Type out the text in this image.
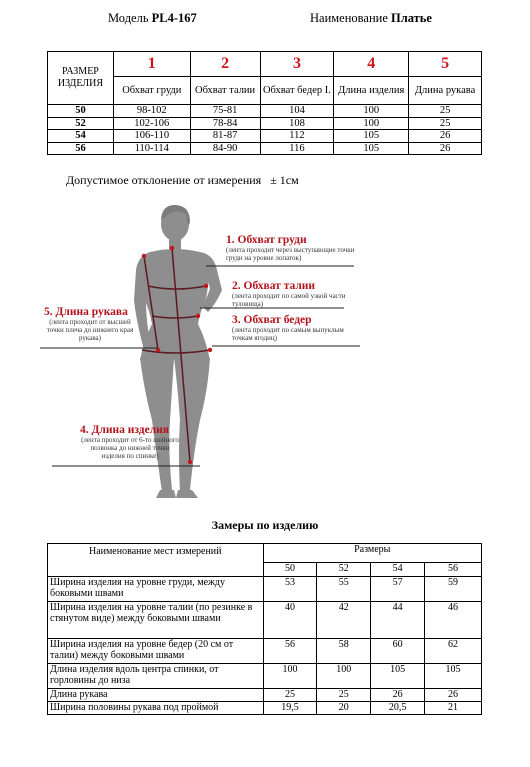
Модель PL4-167	Наименование Платье
РАЗМЕР ИЗДЕЛИЯ	1	2	3	4	5
	Обхват груди	Обхват талии	Обхват бедер I.	Длина изделия	Длина рукава
50	98-102	75-81	104	100	25
52	102-106	78-84	108	100	25
54	106-110	81-87	112	105	26
56	110-114	84-90	116	105	26
Допустимое отклонение от измерения ± 1см
1. Обхват груди
(лента проходит через выступающие точки груди на уровне лопаток)
2. Обхват талии
(лента проходит по самой узкой части туловища)
3. Обхват бедер
(лента проходит по самым выпуклым точкам ягодиц)
5. Длина рукава
(лента проходит от высшей точки плеча до нижнего края рукава)
4. Длина изделия
(лента проходит от 6-то шейного позвонка до нижней точки изделия по спинке)
Замеры по изделию
Наименование мест измерений	Размеры			
	50	52	54	56
Ширина изделия на уровне груди, между боковыми швами	53	55	57	59
Ширина изделия на уровне талии (по резинке в стянутом виде) между боковыми швами	40	42	44	46
Ширина изделия на уровне бедер (20 см от талии) между боковыми швами	56	58	60	62
Длина изделия вдоль центра спинки, от горловины до низа	100	100	105	105
Длина рукава	25	25	26	26
Ширина половины рукава под проймой	19,5	20	20,5	21
